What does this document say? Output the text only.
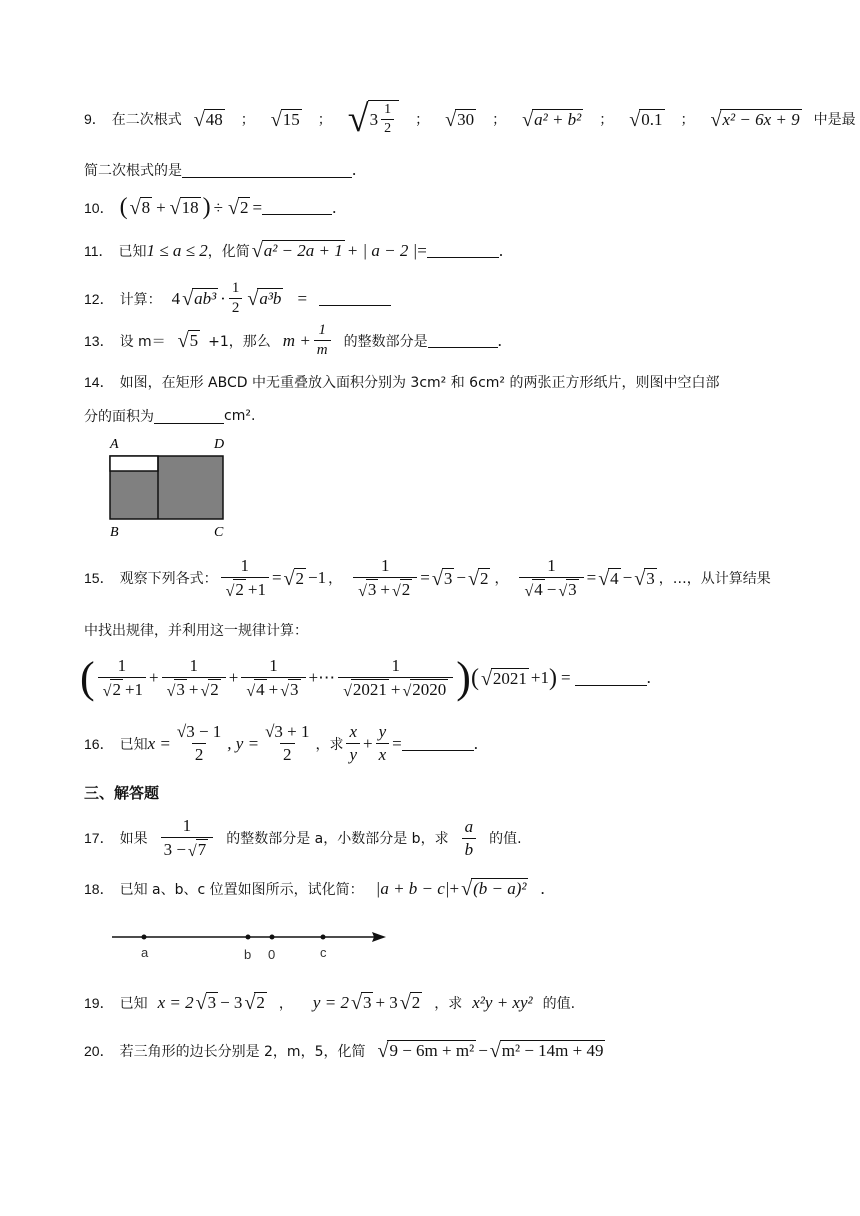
9． 在二次根式 √ 48 ； √ 15 ； √ 3 1
2
； √ 30 ； √ a² + b² ； √ 0.1 ； √ x² − 6x + 9 中是最
简二次根式的是	.
10． ( √ 8 + √ 18 ) ÷ √ 2 =	.
11． 已知 1 ≤ a ≤ 2 ，化简 √ a² − 2a + 1 + | a − 2 | =	.
12． 计算： 4 √ ab³ ·
1
2 √ a³b =
13． 设 m＝ √ 5 +1，那么 $m + \frac{1}{m}$ 的整数部分是	.
14． 如图，在矩形 ABCD 中无重叠放入面积分别为 3cm² 和 6cm² 的两张正方形纸片，则图中空白部
分的面积为	cm².
A	D
B	C
15． 观察下列各式： $\frac{1}{√ 2 +1}$ = √ 2 −1 ， $\frac{1}{√ 3 + √ 2}$ = √ 3 − √ 2 ， $\frac{1}{√ 4 - √ 3}$ = √ 4 − √ 3 ，…，从计算结果
中找出规律，并利用这一规律计算：
( 1
√ 2 +1
+ $\frac{1}{√ 3 + √ 2} + \frac{1}{√ 4 + √ 3}$ +⋯
1
√ 2021 + √ 2020 ) ( √ 2021 +1 ) =	.
16． 已知 $x = \frac{√3 - 1}{2}$ , $y = \frac{√3 + 1}{2}$ ，求
x
y
+ $\frac{y}{x}$ =	.
三、解答题
17． 如果
1
3 − √ 7
的整数部分是 a，小数部分是 b，求
a
b
的值.
18． 已知 a、b、c 位置如图所示，试化简： |a + b − c| + √ (b − a)² .
a	b 0	c
19． 已知 x = 2 √ 3 − 3 √ 2 ， y = 2 √ 3 + 3 √ 2 ，求 x²y + xy² 的值.
20． 若三角形的边长分别是 2，m，5，化简 √ 9 − 6m + m² − √ m² − 14m + 49
